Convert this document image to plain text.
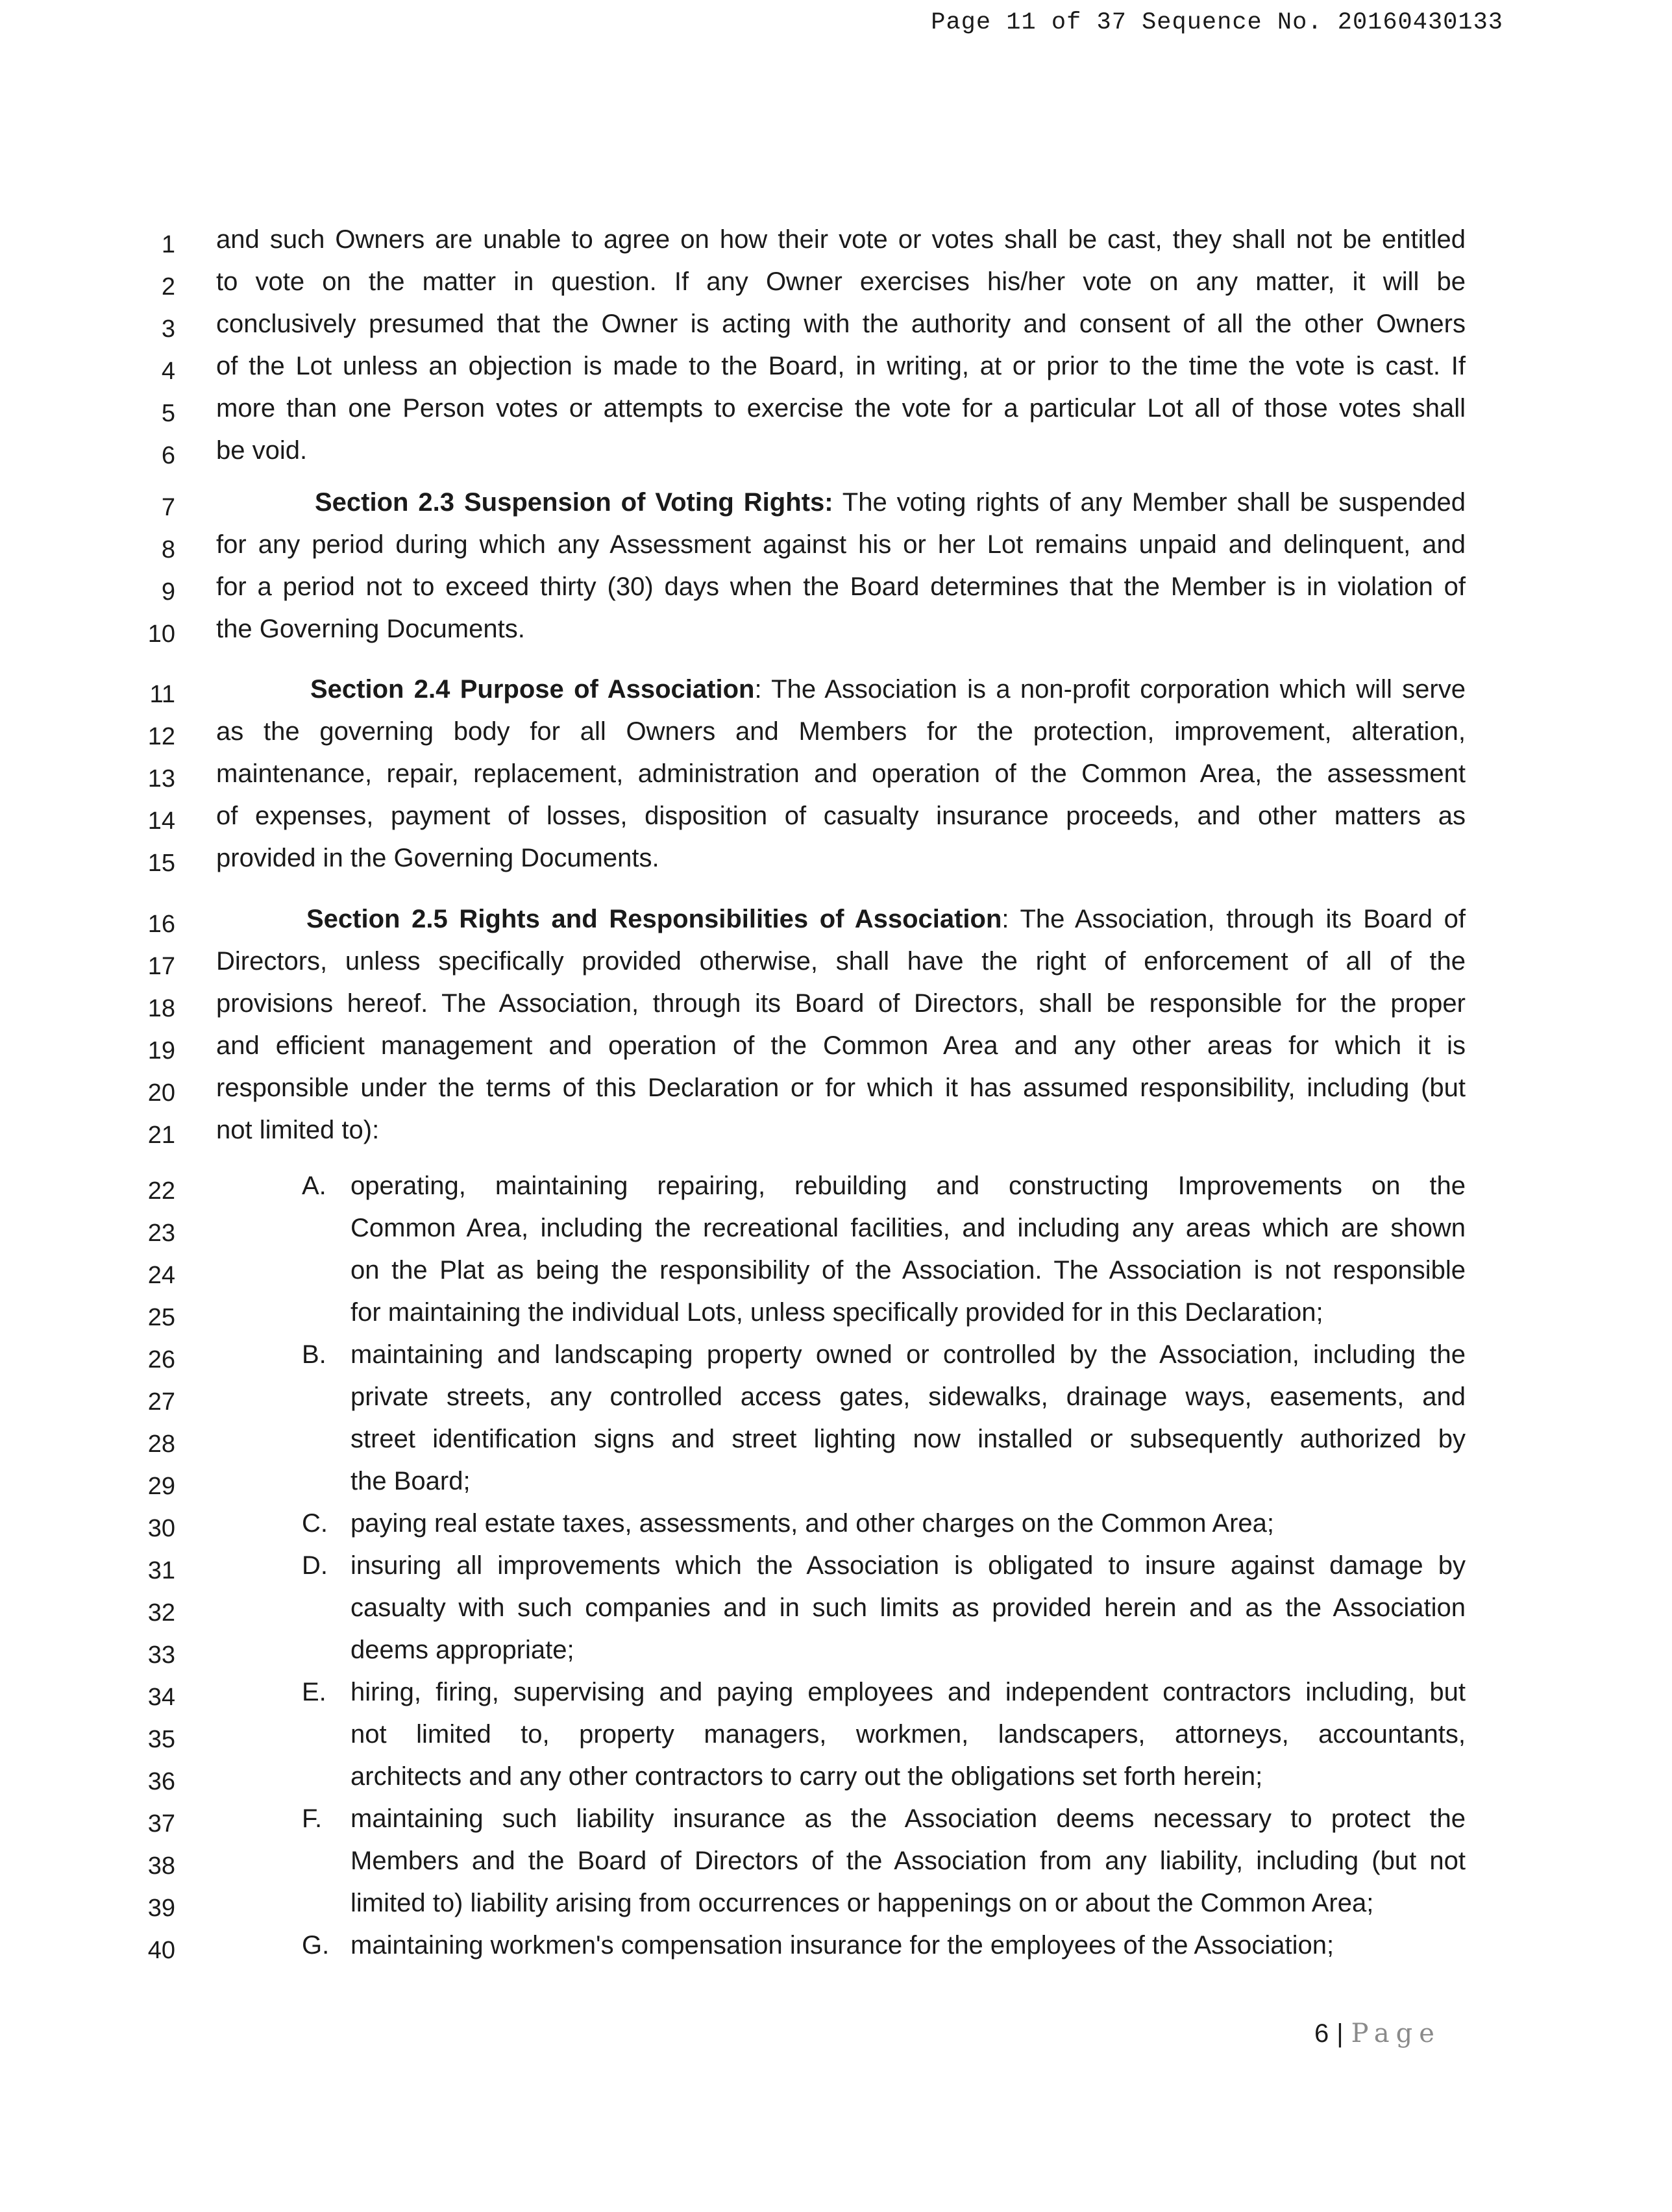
Page 11 of 37 Sequence No. 20160430133
1
2
3
4
5
6
7
8
9
10
11
12
13
14
15
16
17
18
19
20
21
22
23
24
25
26
27
28
29
30
31
32
33
34
35
36
37
38
39
40
and such Owners are unable to agree on how their vote or votes shall be cast, they shall not be entitled
to vote on the matter in question. If any Owner exercises his/her vote on any matter, it will be
conclusively presumed that the Owner is acting with the authority and consent of all the other Owners
of the Lot unless an objection is made to the Board, in writing, at or prior to the time the vote is cast. If
more than one Person votes or attempts to exercise the vote for a particular Lot all of those votes shall
be void.
Section 2.3 Suspension of Voting Rights: The voting rights of any Member shall be suspended
for any period during which any Assessment against his or her Lot remains unpaid and delinquent, and
for a period not to exceed thirty (30) days when the Board determines that the Member is in violation of
the Governing Documents.
Section 2.4 Purpose of Association: The Association is a non-profit corporation which will serve
as the governing body for all Owners and Members for the protection, improvement, alteration,
maintenance, repair, replacement, administration and operation of the Common Area, the assessment
of expenses, payment of losses, disposition of casualty insurance proceeds, and other matters as
provided in the Governing Documents.
Section 2.5 Rights and Responsibilities of Association: The Association, through its Board of
Directors, unless specifically provided otherwise, shall have the right of enforcement of all of the
provisions hereof. The Association, through its Board of Directors, shall be responsible for the proper
and efficient management and operation of the Common Area and any other areas for which it is
responsible under the terms of this Declaration or for which it has assumed responsibility, including (but
not limited to):
A. operating, maintaining repairing, rebuilding and constructing Improvements on the
Common Area, including the recreational facilities, and including any areas which are shown
on the Plat as being the responsibility of the Association. The Association is not responsible
for maintaining the individual Lots, unless specifically provided for in this Declaration;
B. maintaining and landscaping property owned or controlled by the Association, including the
private streets, any controlled access gates, sidewalks, drainage ways, easements, and
street identification signs and street lighting now installed or subsequently authorized by
the Board;
C. paying real estate taxes, assessments, and other charges on the Common Area;
D. insuring all improvements which the Association is obligated to insure against damage by
casualty with such companies and in such limits as provided herein and as the Association
deems appropriate;
E. hiring, firing, supervising and paying employees and independent contractors including, but
not limited to, property managers, workmen, landscapers, attorneys, accountants,
architects and any other contractors to carry out the obligations set forth herein;
F. maintaining such liability insurance as the Association deems necessary to protect the
Members and the Board of Directors of the Association from any liability, including (but not
limited to) liability arising from occurrences or happenings on or about the Common Area;
G. maintaining workmen's compensation insurance for the employees of the Association;
6 | Page
